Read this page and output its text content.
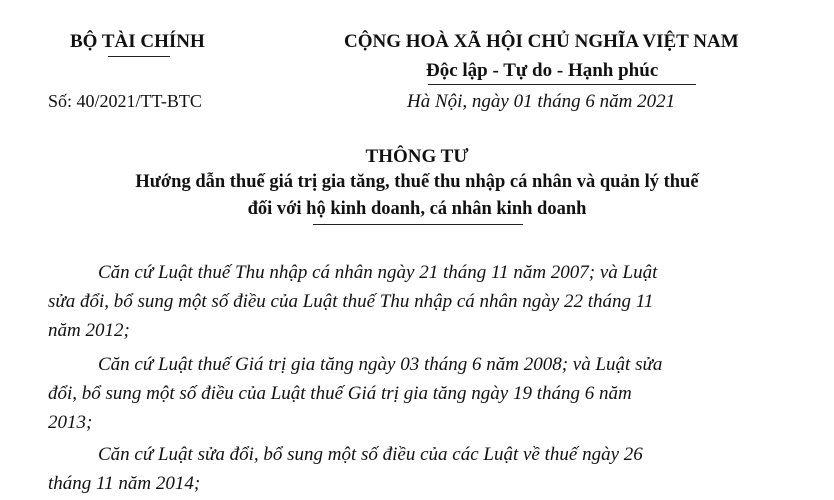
BỘ TÀI CHÍNH	CỘNG HOÀ XÃ HỘI CHỦ NGHĨA VIỆT NAM
Độc lập - Tự do - Hạnh phúc
Số: 40/2021/TT-BTC	Hà Nội, ngày 01 tháng 6 năm 2021
THÔNG TƯ
Hướng dẫn thuế giá trị gia tăng, thuế thu nhập cá nhân và quản lý thuế
đối với hộ kinh doanh, cá nhân kinh doanh
Căn cứ Luật thuế Thu nhập cá nhân ngày 21 tháng 11 năm 2007; và Luật
sửa đổi, bổ sung một số điều của Luật thuế Thu nhập cá nhân ngày 22 tháng 11
năm 2012;
Căn cứ Luật thuế Giá trị gia tăng ngày 03 tháng 6 năm 2008; và Luật sửa
đổi, bổ sung một số điều của Luật thuế Giá trị gia tăng ngày 19 tháng 6 năm
2013;
Căn cứ Luật sửa đổi, bổ sung một số điều của các Luật về thuế ngày 26
tháng 11 năm 2014;
